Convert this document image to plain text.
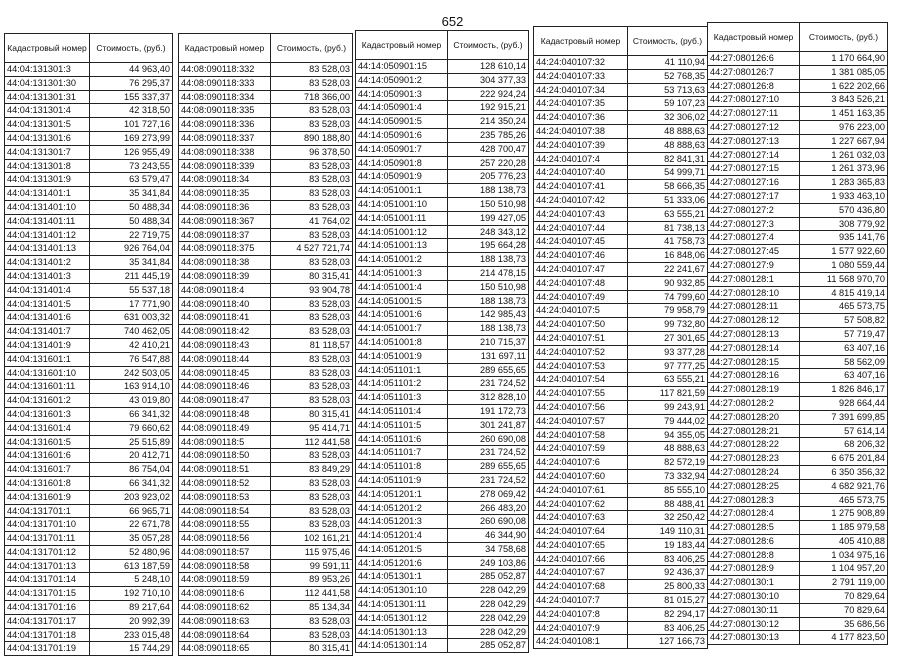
652
Кадастровый номер	Стоимость, (руб.)
44:04:131301:3	44 963,40
44:04:131301:30	76 295,37
44:04:131301:31	155 337,37
44:04:131301:4	42 318,50
44:04:131301:5	101 727,16
44:04:131301:6	169 273,99
44:04:131301:7	126 955,49
44:04:131301:8	73 243,55
44:04:131301:9	63 579,47
44:04:131401:1	35 341,84
44:04:131401:10	50 488,34
44:04:131401:11	50 488,34
44:04:131401:12	22 719,75
44:04:131401:13	926 764,04
44:04:131401:2	35 341,84
44:04:131401:3	211 445,19
44:04:131401:4	55 537,18
44:04:131401:5	17 771,90
44:04:131401:6	631 003,32
44:04:131401:7	740 462,05
44:04:131401:9	42 410,21
44:04:131601:1	76 547,88
44:04:131601:10	242 503,05
44:04:131601:11	163 914,10
44:04:131601:2	43 019,80
44:04:131601:3	66 341,32
44:04:131601:4	79 660,62
44:04:131601:5	25 515,89
44:04:131601:6	20 412,71
44:04:131601:7	86 754,04
44:04:131601:8	66 341,32
44:04:131601:9	203 923,02
44:04:131701:1	66 965,71
44:04:131701:10	22 671,78
44:04:131701:11	35 057,28
44:04:131701:12	52 480,96
44:04:131701:13	613 187,59
44:04:131701:14	5 248,10
44:04:131701:15	192 710,10
44:04:131701:16	89 217,64
44:04:131701:17	20 992,39
44:04:131701:18	233 015,48
44:04:131701:19	15 744,29
Кадастровый номер	Стоимость, (руб.)
44:08:090118:332	83 528,03
44:08:090118:333	83 528,03
44:08:090118:334	718 366,00
44:08:090118:335	83 528,03
44:08:090118:336	83 528,03
44:08:090118:337	890 188,80
44:08:090118:338	96 378,50
44:08:090118:339	83 528,03
44:08:090118:34	83 528,03
44:08:090118:35	83 528,03
44:08:090118:36	83 528,03
44:08:090118:367	41 764,02
44:08:090118:37	83 528,03
44:08:090118:375	4 527 721,74
44:08:090118:38	83 528,03
44:08:090118:39	80 315,41
44:08:090118:4	93 904,78
44:08:090118:40	83 528,03
44:08:090118:41	83 528,03
44:08:090118:42	83 528,03
44:08:090118:43	81 118,57
44:08:090118:44	83 528,03
44:08:090118:45	83 528,03
44:08:090118:46	83 528,03
44:08:090118:47	83 528,03
44:08:090118:48	80 315,41
44:08:090118:49	95 414,71
44:08:090118:5	112 441,58
44:08:090118:50	83 528,03
44:08:090118:51	83 849,29
44:08:090118:52	83 528,03
44:08:090118:53	83 528,03
44:08:090118:54	83 528,03
44:08:090118:55	83 528,03
44:08:090118:56	102 161,21
44:08:090118:57	115 975,46
44:08:090118:58	99 591,11
44:08:090118:59	89 953,26
44:08:090118:6	112 441,58
44:08:090118:62	85 134,34
44:08:090118:63	83 528,03
44:08:090118:64	83 528,03
44:08:090118:65	80 315,41
Кадастровый номер	Стоимость, (руб.)
44:14:050901:15	128 610,14
44:14:050901:2	304 377,33
44:14:050901:3	222 924,24
44:14:050901:4	192 915,21
44:14:050901:5	214 350,24
44:14:050901:6	235 785,26
44:14:050901:7	428 700,47
44:14:050901:8	257 220,28
44:14:050901:9	205 776,23
44:14:051001:1	188 138,73
44:14:051001:10	150 510,98
44:14:051001:11	199 427,05
44:14:051001:12	248 343,12
44:14:051001:13	195 664,28
44:14:051001:2	188 138,73
44:14:051001:3	214 478,15
44:14:051001:4	150 510,98
44:14:051001:5	188 138,73
44:14:051001:6	142 985,43
44:14:051001:7	188 138,73
44:14:051001:8	210 715,37
44:14:051001:9	131 697,11
44:14:051101:1	289 655,65
44:14:051101:2	231 724,52
44:14:051101:3	312 828,10
44:14:051101:4	191 172,73
44:14:051101:5	301 241,87
44:14:051101:6	260 690,08
44:14:051101:7	231 724,52
44:14:051101:8	289 655,65
44:14:051101:9	231 724,52
44:14:051201:1	278 069,42
44:14:051201:2	266 483,20
44:14:051201:3	260 690,08
44:14:051201:4	46 344,90
44:14:051201:5	34 758,68
44:14:051201:6	249 103,86
44:14:051301:1	285 052,87
44:14:051301:10	228 042,29
44:14:051301:11	228 042,29
44:14:051301:12	228 042,29
44:14:051301:13	228 042,29
44:14:051301:14	285 052,87
Кадастровый номер	Стоимость, (руб.)
44:24:040107:32	41 110,94
44:24:040107:33	52 768,35
44:24:040107:34	53 713,63
44:24:040107:35	59 107,23
44:24:040107:36	32 306,02
44:24:040107:38	48 888,63
44:24:040107:39	48 888,63
44:24:040107:4	82 841,31
44:24:040107:40	54 999,71
44:24:040107:41	58 666,35
44:24:040107:42	51 333,06
44:24:040107:43	63 555,21
44:24:040107:44	81 738,13
44:24:040107:45	41 758,73
44:24:040107:46	16 848,06
44:24:040107:47	22 241,67
44:24:040107:48	90 932,85
44:24:040107:49	74 799,60
44:24:040107:5	79 958,79
44:24:040107:50	99 732,80
44:24:040107:51	27 301,65
44:24:040107:52	93 377,28
44:24:040107:53	97 777,25
44:24:040107:54	63 555,21
44:24:040107:55	117 821,59
44:24:040107:56	99 243,91
44:24:040107:57	79 444,02
44:24:040107:58	94 355,05
44:24:040107:59	48 888,63
44:24:040107:6	82 572,19
44:24:040107:60	73 332,94
44:24:040107:61	85 555,10
44:24:040107:62	88 488,41
44:24:040107:63	32 250,42
44:24:040107:64	149 110,31
44:24:040107:65	19 183,44
44:24:040107:66	83 406,25
44:24:040107:67	92 436,37
44:24:040107:68	25 800,33
44:24:040107:7	81 015,27
44:24:040107:8	82 294,17
44:24:040107:9	83 406,25
44:24:040108:1	127 166,73
Кадастровый номер	Стоимость, (руб.)
44:27:080126:6	1 170 664,90
44:27:080126:7	1 381 085,05
44:27:080126:8	1 622 202,66
44:27:080127:10	3 843 526,21
44:27:080127:11	1 451 163,35
44:27:080127:12	976 223,00
44:27:080127:13	1 227 667,94
44:27:080127:14	1 261 032,03
44:27:080127:15	1 261 373,96
44:27:080127:16	1 283 365,83
44:27:080127:17	1 933 463,10
44:27:080127:2	570 436,80
44:27:080127:3	308 779,92
44:27:080127:4	935 141,76
44:27:080127:45	1 577 922,60
44:27:080127:9	1 080 559,44
44:27:080128:1	11 568 970,70
44:27:080128:10	4 815 419,14
44:27:080128:11	465 573,75
44:27:080128:12	57 508,82
44:27:080128:13	57 719,47
44:27:080128:14	63 407,16
44:27:080128:15	58 562,09
44:27:080128:16	63 407,16
44:27:080128:19	1 826 846,17
44:27:080128:2	928 664,44
44:27:080128:20	7 391 699,85
44:27:080128:21	57 614,14
44:27:080128:22	68 206,32
44:27:080128:23	6 675 201,84
44:27:080128:24	6 350 356,32
44:27:080128:25	4 682 921,76
44:27:080128:3	465 573,75
44:27:080128:4	1 275 908,89
44:27:080128:5	1 185 979,58
44:27:080128:6	405 410,88
44:27:080128:8	1 034 975,16
44:27:080128:9	1 104 957,20
44:27:080130:1	2 791 119,00
44:27:080130:10	70 829,64
44:27:080130:11	70 829,64
44:27:080130:12	35 686,56
44:27:080130:13	4 177 823,50
